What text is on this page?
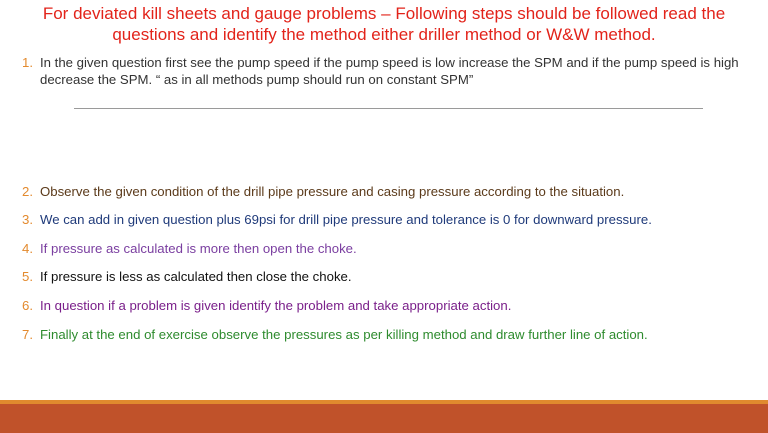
For deviated kill sheets and gauge problems – Following steps should be followed read the questions and identify the method either driller method or W&W method.
1. In the given question first see the pump speed if the pump speed is low increase the SPM and if the pump speed is high decrease the SPM. “ as in all methods pump should run on constant SPM”
2. Observe the given condition of the drill pipe pressure and casing pressure according to the situation.
3. We can add in given question plus 69psi for drill pipe pressure and tolerance is 0 for downward pressure.
4. If pressure as calculated is more then open the choke.
5. If pressure is less as calculated then close the choke.
6. In question if a problem is given identify the problem and take appropriate action.
7. Finally at the end of exercise observe the pressures as per killing method and draw further line of action.
